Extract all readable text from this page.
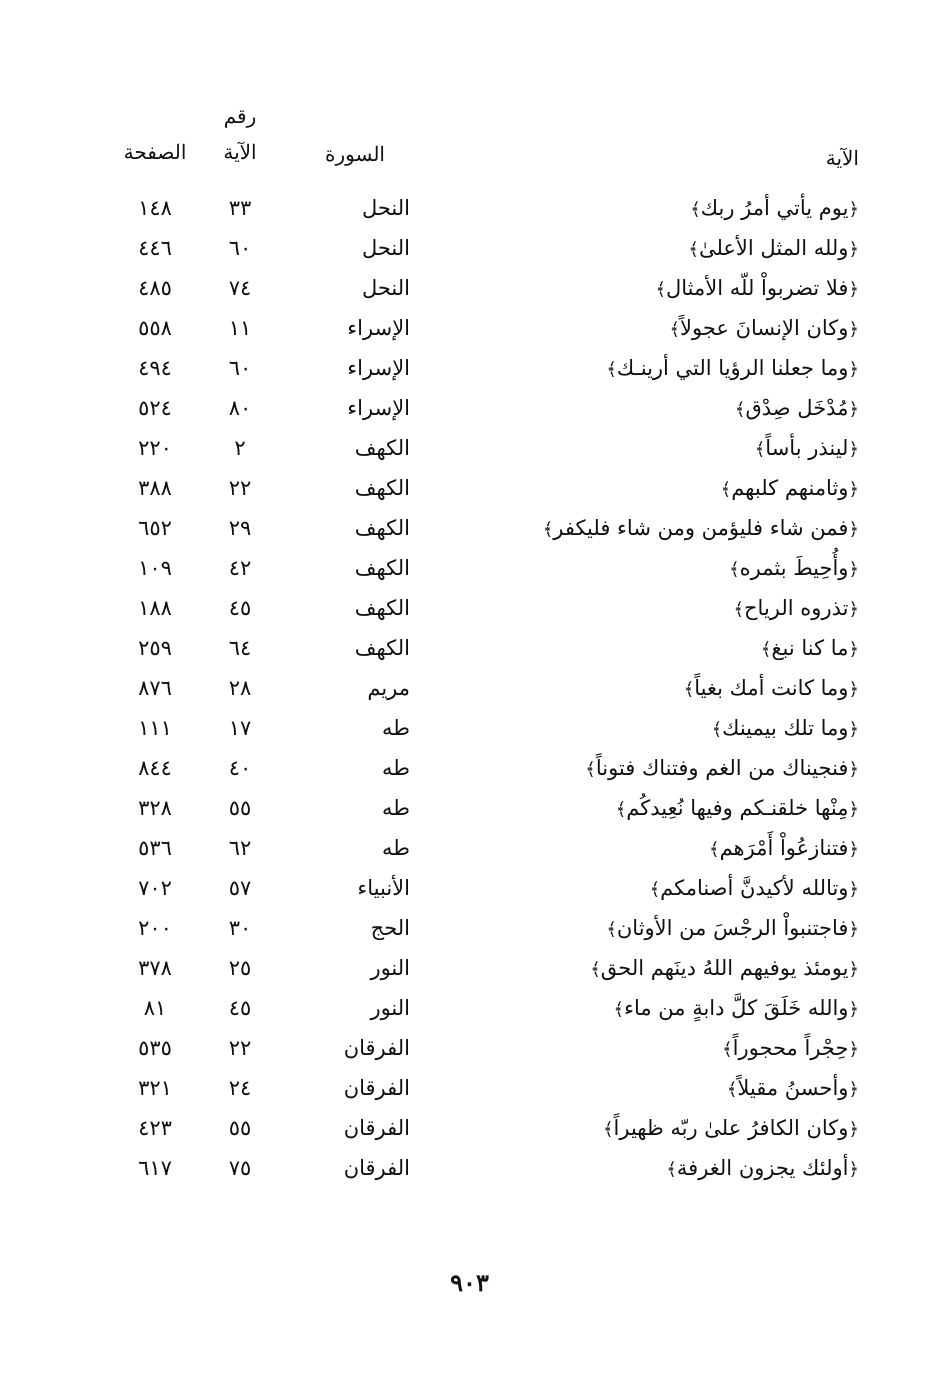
الآية
السورة
رقم
الآية
الصفحة
﴿يوم يأتي أمرُ ربك﴾
النحل
٣٣
١٤٨
﴿ولله المثل الأعلىٰ﴾
النحل
٦٠
٤٤٦
﴿فلا تضربواْ للّه الأمثال﴾
النحل
٧٤
٤٨٥
﴿وكان الإنسانَ عجولاً﴾
الإسراء
١١
٥٥٨
﴿وما جعلنا الرؤيا التي أرينـك﴾
الإسراء
٦٠
٤٩٤
﴿مُدْخَل صِدْق﴾
الإسراء
٨٠
٥٢٤
﴿لينذر بأساً﴾
الكهف
٢
٢٢٠
﴿وثامنهم كلبهم﴾
الكهف
٢٢
٣٨٨
﴿فمن شاء فليؤمن ومن شاء فليكفر﴾
الكهف
٢٩
٦٥٢
﴿وأُحِيطَ بثمره﴾
الكهف
٤٢
١٠٩
﴿تذروه الرياح﴾
الكهف
٤٥
١٨٨
﴿ما كنا نبغ﴾
الكهف
٦٤
٢٥٩
﴿وما كانت أمك بغياً﴾
مريم
٢٨
٨٧٦
﴿وما تلك بيمينك﴾
طه
١٧
١١١
﴿فنجيناك من الغم وفتناك فتوناً﴾
طه
٤٠
٨٤٤
﴿مِنْها خلقنـكم وفيها نُعِيدكُم﴾
طه
٥٥
٣٢٨
﴿فتنازعُواْ أَمْرَهم﴾
طه
٦٢
٥٣٦
﴿وتالله لأكيدنَّ أصنامكم﴾
الأنبياء
٥٧
٧٠٢
﴿فاجتنبواْ الرجْسَ من الأوثان﴾
الحج
٣٠
٢٠٠
﴿يومئذ يوفيهم اللهُ دينَهم الحق﴾
النور
٢٥
٣٧٨
﴿والله خَلَقَ كلَّ دابةٍ من ماء﴾
النور
٤٥
٨١
﴿حِجْراً محجوراً﴾
الفرقان
٢٢
٥٣٥
﴿وأحسنُ مقيلاً﴾
الفرقان
٢٤
٣٢١
﴿وكان الكافرُ علىٰ ربّه ظهيراً﴾
الفرقان
٥٥
٤٢٣
﴿أولئك يجزون الغرفة﴾
الفرقان
٧٥
٦١٧
٩٠٣
